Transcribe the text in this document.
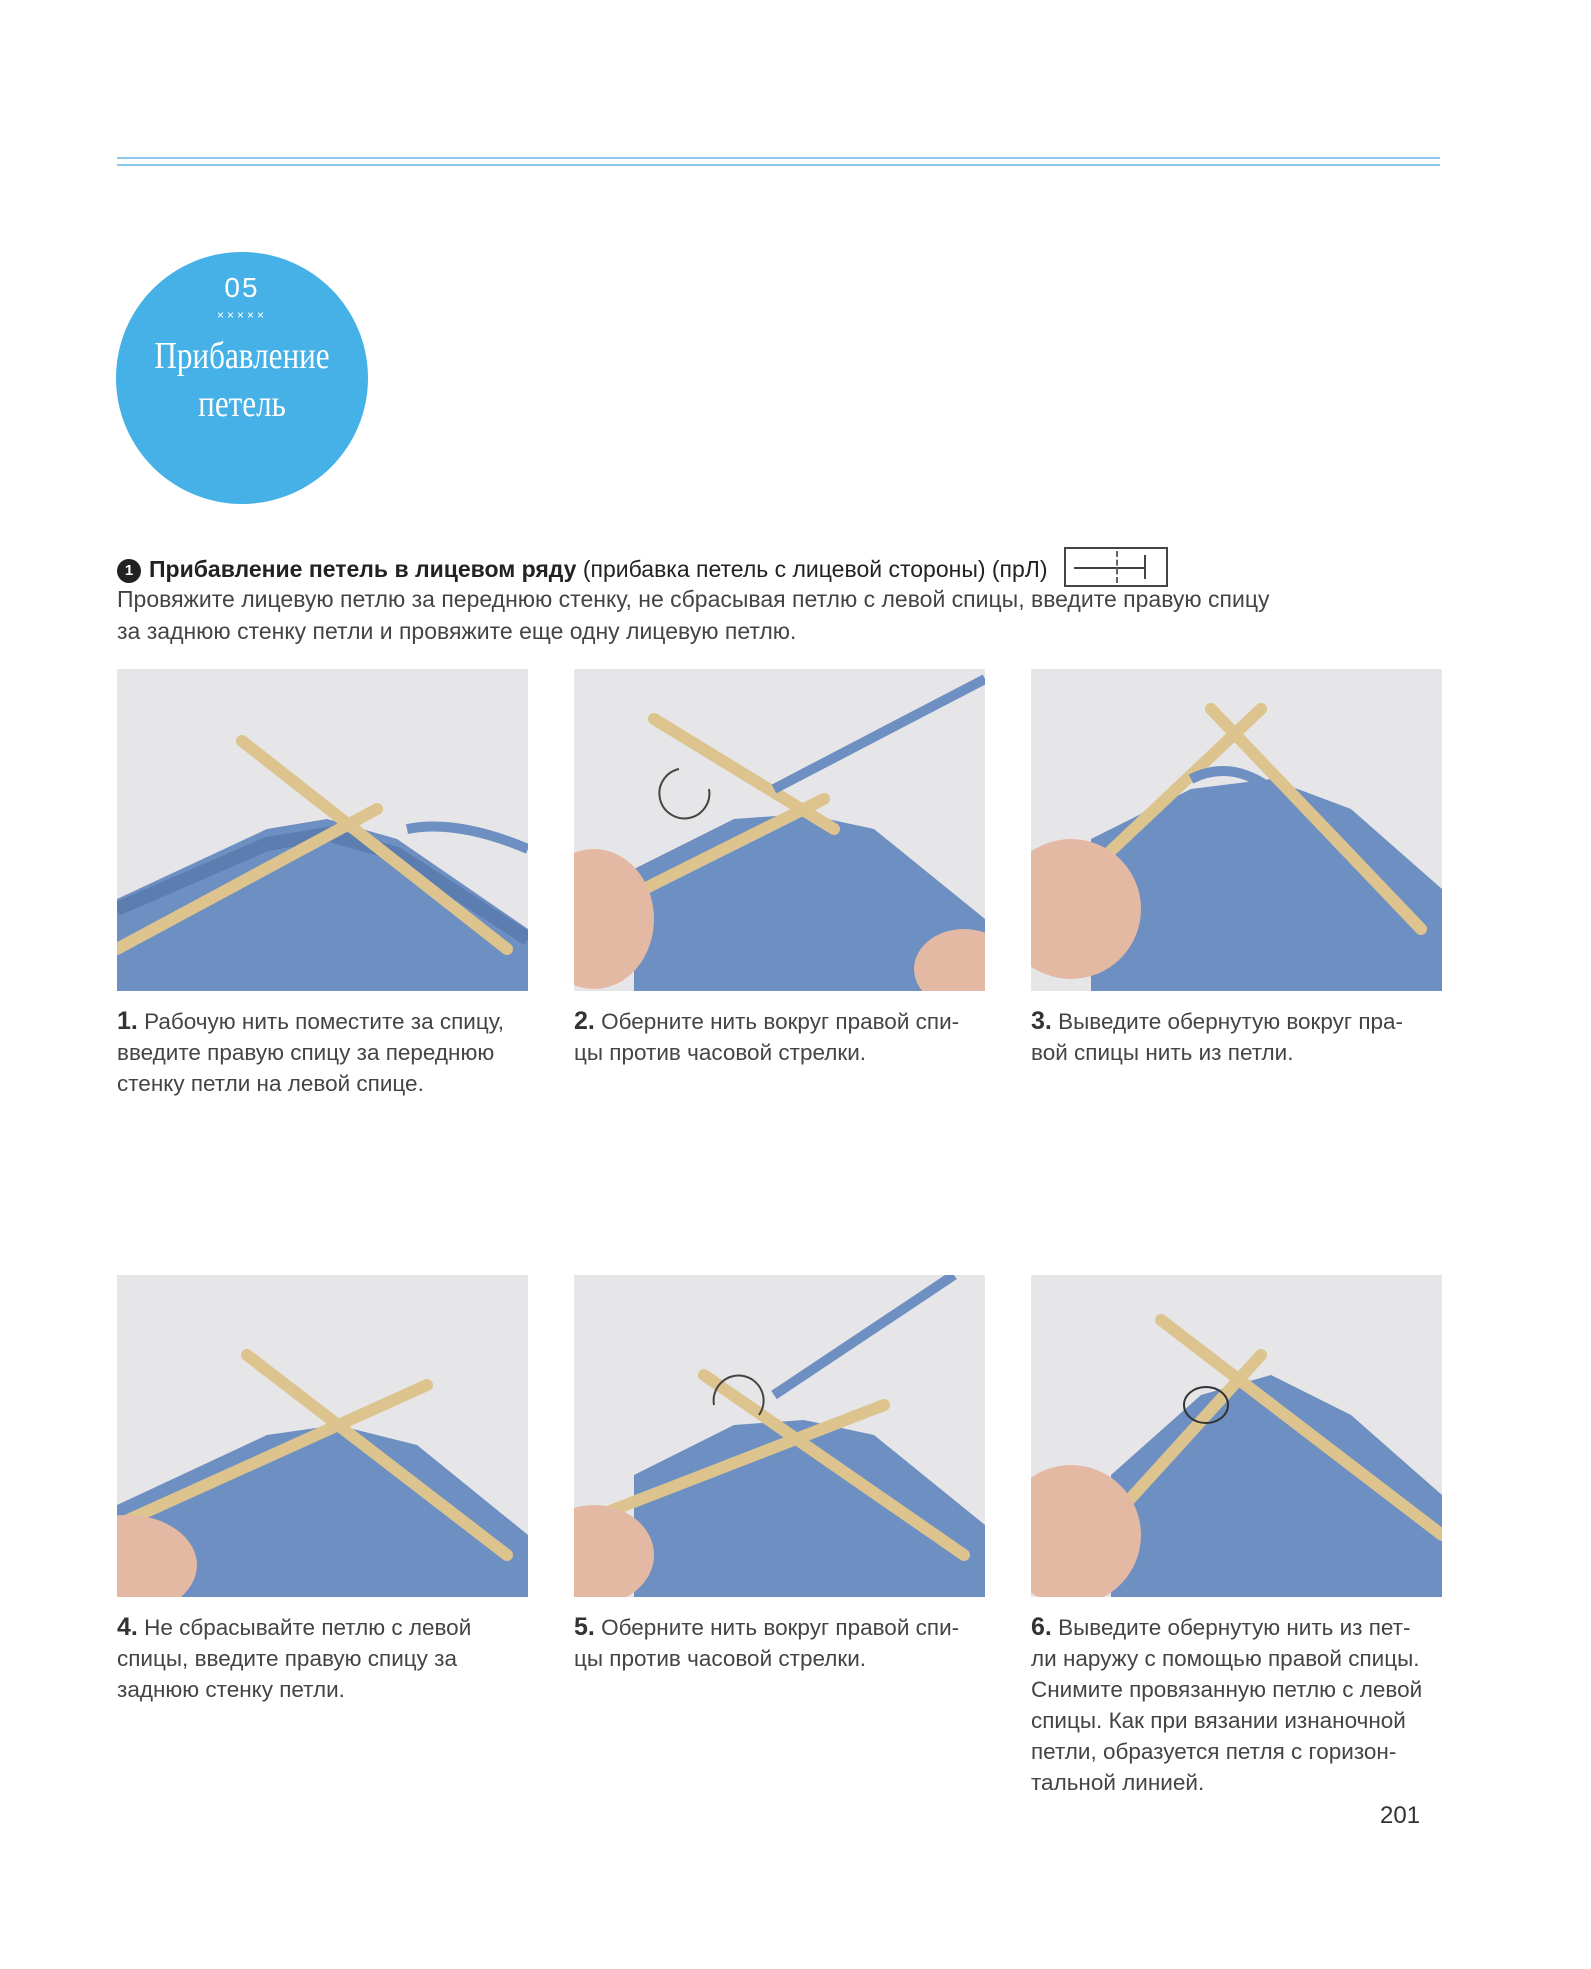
05
×××××
Прибавление
петель
1 Прибавление петель в лицевом ряду (прибавка петель с лицевой стороны) (прЛ)
Провяжите лицевую петлю за переднюю стенку, не сбрасывая петлю с левой спицы, введите правую спицу
за заднюю стенку петли и провяжите еще одну лицевую петлю.
1. Рабочую нить поместите за спицу,
введите правую спицу за переднюю
стенку петли на левой спице.
2. Оберните нить вокруг правой спи-
цы против часовой стрелки.
3. Выведите обернутую вокруг пра-
вой спицы нить из петли.
4. Не сбрасывайте петлю с левой
спицы, введите правую спицу за
заднюю стенку петли.
5. Оберните нить вокруг правой спи-
цы против часовой стрелки.
6. Выведите обернутую нить из пет-
ли наружу с помощью правой спицы.
Снимите провязанную петлю с левой
спицы. Как при вязании изнаночной
петли, образуется петля с горизон-
тальной линией.
201
